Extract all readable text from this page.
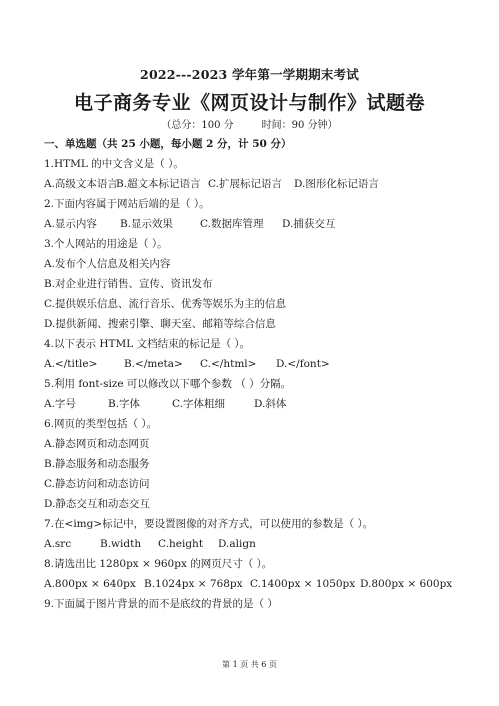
2022---2023 学年第一学期期末考试
电子商务专业《网页设计与制作》试题卷
（总分：100 分	时间：90 分钟）
一、单选题（共 25 小题，每小题 2 分，计 50 分）
1.HTML 的中文含义是（ ）。
A.高级文本语言B.超文本标记语言 C.扩展标记语言 D.图形化标记语言
2.下面内容属于网站后端的是（ ）。
A.显示内容 B.显示效果	C.数据库管理 D.捕获交互
3.个人网站的用途是（ ）。
A.发布个人信息及相关内容
B.对企业进行销售、宣传、资讯发布
C.提供娱乐信息、流行音乐、优秀等娱乐为主的信息
D.提供新闻、搜索引擎、聊天室、邮箱等综合信息
4.以下表示 HTML 文档结束的标记是（ ）。
A.</title>	B.</meta> C.</html> D.</font>
5.利用 font-size 可以修改以下哪个参数 （ ）分隔。
A.字号	B.字体	C.字体粗细	D.斜体
6.网页的类型包括（ ）。
A.静态网页和动态网页
B.静态服务和动态服务
C.静态访问和动态访问
D.静态交互和动态交互
7.在<img>标记中，要设置图像的对齐方式，可以使用的参数是（ ）。
A.src	B.width C.height D.align
8.请选出比 1280px × 960px 的网页尺寸（ ）。
A.800px × 640px B.1024px × 768px C.1400px × 1050px D.800px × 600px
9.下面属于图片背景的而不是底纹的背景的是（ ）
第 1 页 共 6 页
